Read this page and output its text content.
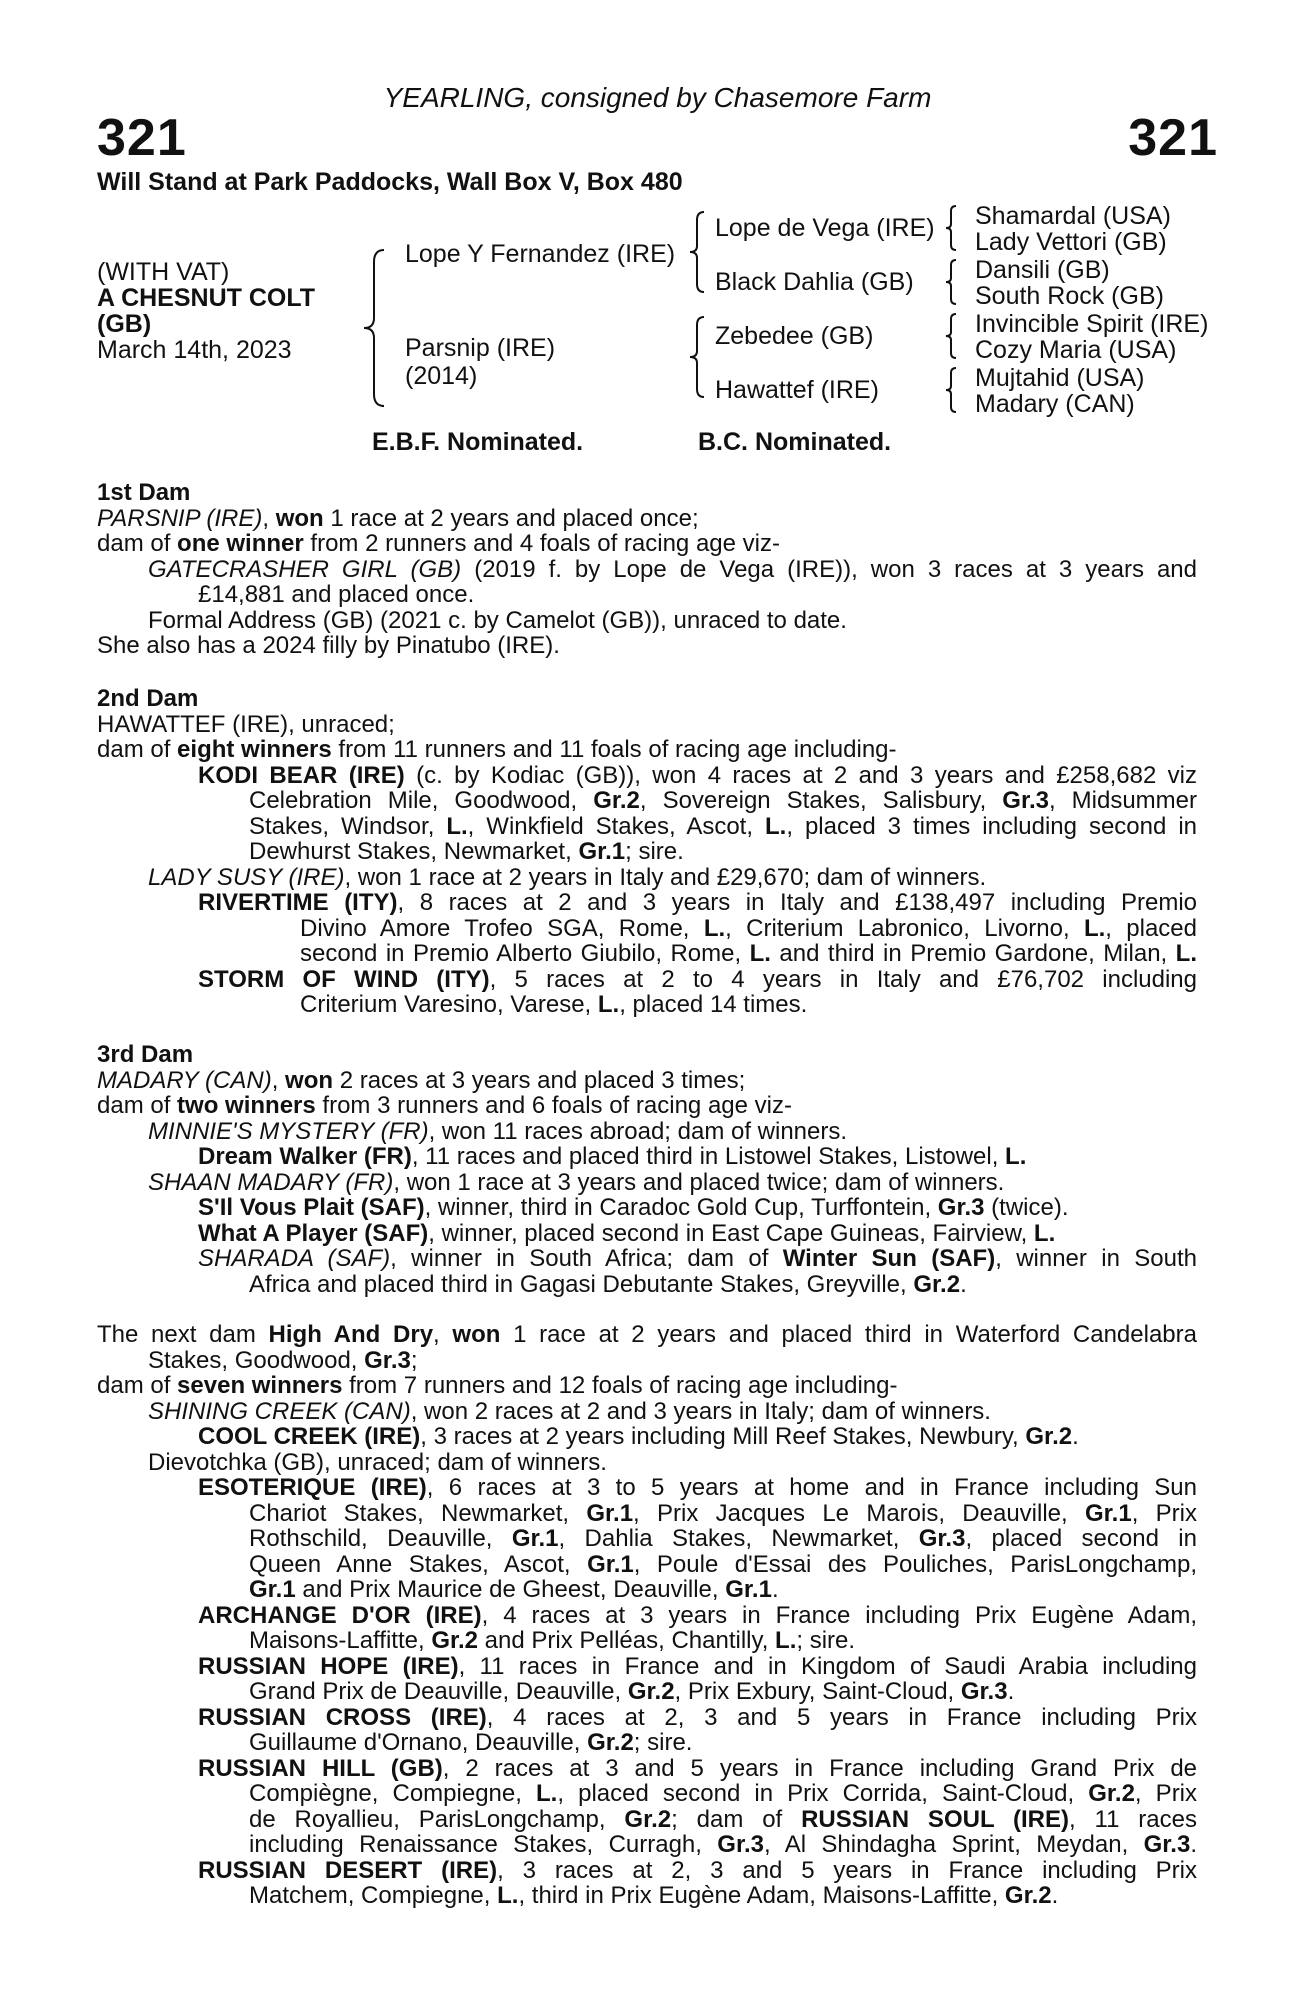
YEARLING, consigned by Chasemore Farm
321	321
Will Stand at Park Paddocks, Wall Box V, Box 480
(WITH VAT)
A CHESNUT COLT
(GB)
March 14th, 2023
Lope Y Fernandez (IRE)
Parsnip (IRE)
(2014)
Lope de Vega (IRE)
Black Dahlia (GB)
Zebedee (GB)
Hawattef (IRE)
Shamardal (USA)
Lady Vettori (GB)
Dansili (GB)
South Rock (GB)
Invincible Spirit (IRE)
Cozy Maria (USA)
Mujtahid (USA)
Madary (CAN)
E.B.F. Nominated.	B.C. Nominated.
1st Dam
PARSNIP (IRE), won 1 race at 2 years and placed once;
dam of one winner from 2 runners and 4 foals of racing age viz-
GATECRASHER GIRL (GB) (2019 f. by Lope de Vega (IRE)), won 3 races at 3 years and
£14,881 and placed once.
Formal Address (GB) (2021 c. by Camelot (GB)), unraced to date.
She also has a 2024 filly by Pinatubo (IRE).
2nd Dam
HAWATTEF (IRE), unraced;
dam of eight winners from 11 runners and 11 foals of racing age including-
KODI BEAR (IRE) (c. by Kodiac (GB)), won 4 races at 2 and 3 years and £258,682 viz
Celebration Mile, Goodwood, Gr.2, Sovereign Stakes, Salisbury, Gr.3, Midsummer
Stakes, Windsor, L., Winkfield Stakes, Ascot, L., placed 3 times including second in
Dewhurst Stakes, Newmarket, Gr.1; sire.
LADY SUSY (IRE), won 1 race at 2 years in Italy and £29,670; dam of winners.
RIVERTIME (ITY), 8 races at 2 and 3 years in Italy and £138,497 including Premio
Divino Amore Trofeo SGA, Rome, L., Criterium Labronico, Livorno, L., placed
second in Premio Alberto Giubilo, Rome, L. and third in Premio Gardone, Milan, L.
STORM OF WIND (ITY), 5 races at 2 to 4 years in Italy and £76,702 including
Criterium Varesino, Varese, L., placed 14 times.
3rd Dam
MADARY (CAN), won 2 races at 3 years and placed 3 times;
dam of two winners from 3 runners and 6 foals of racing age viz-
MINNIE'S MYSTERY (FR), won 11 races abroad; dam of winners.
Dream Walker (FR), 11 races and placed third in Listowel Stakes, Listowel, L.
SHAAN MADARY (FR), won 1 race at 3 years and placed twice; dam of winners.
S'Il Vous Plait (SAF), winner, third in Caradoc Gold Cup, Turffontein, Gr.3 (twice).
What A Player (SAF), winner, placed second in East Cape Guineas, Fairview, L.
SHARADA (SAF), winner in South Africa; dam of Winter Sun (SAF), winner in South
Africa and placed third in Gagasi Debutante Stakes, Greyville, Gr.2.
The next dam High And Dry, won 1 race at 2 years and placed third in Waterford Candelabra
Stakes, Goodwood, Gr.3;
dam of seven winners from 7 runners and 12 foals of racing age including-
SHINING CREEK (CAN), won 2 races at 2 and 3 years in Italy; dam of winners.
COOL CREEK (IRE), 3 races at 2 years including Mill Reef Stakes, Newbury, Gr.2.
Dievotchka (GB), unraced; dam of winners.
ESOTERIQUE (IRE), 6 races at 3 to 5 years at home and in France including Sun
Chariot Stakes, Newmarket, Gr.1, Prix Jacques Le Marois, Deauville, Gr.1, Prix
Rothschild, Deauville, Gr.1, Dahlia Stakes, Newmarket, Gr.3, placed second in
Queen Anne Stakes, Ascot, Gr.1, Poule d'Essai des Pouliches, ParisLongchamp,
Gr.1 and Prix Maurice de Gheest, Deauville, Gr.1.
ARCHANGE D'OR (IRE), 4 races at 3 years in France including Prix Eugène Adam,
Maisons-Laffitte, Gr.2 and Prix Pelléas, Chantilly, L.; sire.
RUSSIAN HOPE (IRE), 11 races in France and in Kingdom of Saudi Arabia including
Grand Prix de Deauville, Deauville, Gr.2, Prix Exbury, Saint-Cloud, Gr.3.
RUSSIAN CROSS (IRE), 4 races at 2, 3 and 5 years in France including Prix
Guillaume d'Ornano, Deauville, Gr.2; sire.
RUSSIAN HILL (GB), 2 races at 3 and 5 years in France including Grand Prix de
Compiègne, Compiegne, L., placed second in Prix Corrida, Saint-Cloud, Gr.2, Prix
de Royallieu, ParisLongchamp, Gr.2; dam of RUSSIAN SOUL (IRE), 11 races
including Renaissance Stakes, Curragh, Gr.3, Al Shindagha Sprint, Meydan, Gr.3.
RUSSIAN DESERT (IRE), 3 races at 2, 3 and 5 years in France including Prix
Matchem, Compiegne, L., third in Prix Eugène Adam, Maisons-Laffitte, Gr.2.
